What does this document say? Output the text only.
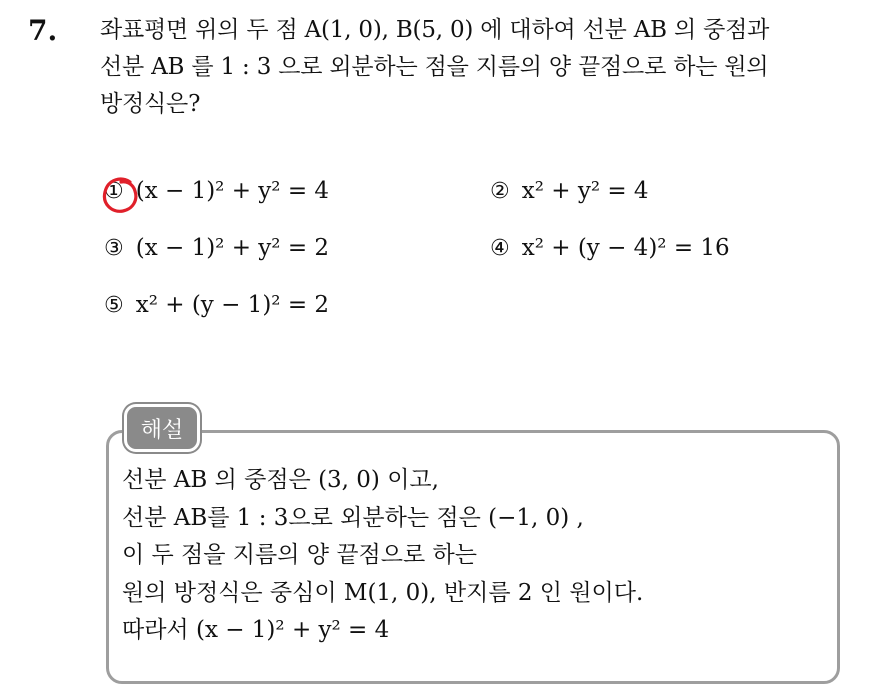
7. 좌표평면 위의 두 점 A(1, 0), B(5, 0) 에 대하여 선분 AB 의 중점과
선분 AB 를 1 : 3 으로 외분하는 점을 지름의 양 끝점으로 하는 원의
방정식은?
① (x − 1)² + y² = 4	② x² + y² = 4
③ (x − 1)² + y² = 2	④ x² + (y − 4)² = 16
⑤ x² + (y − 1)² = 2
해설
선분 AB 의 중점은 (3, 0) 이고,
선분 AB를 1 : 3으로 외분하는 점은 (−1, 0) ,
이 두 점을 지름의 양 끝점으로 하는
원의 방정식은 중심이 M(1, 0), 반지름 2 인 원이다.
따라서 (x − 1)² + y² = 4
